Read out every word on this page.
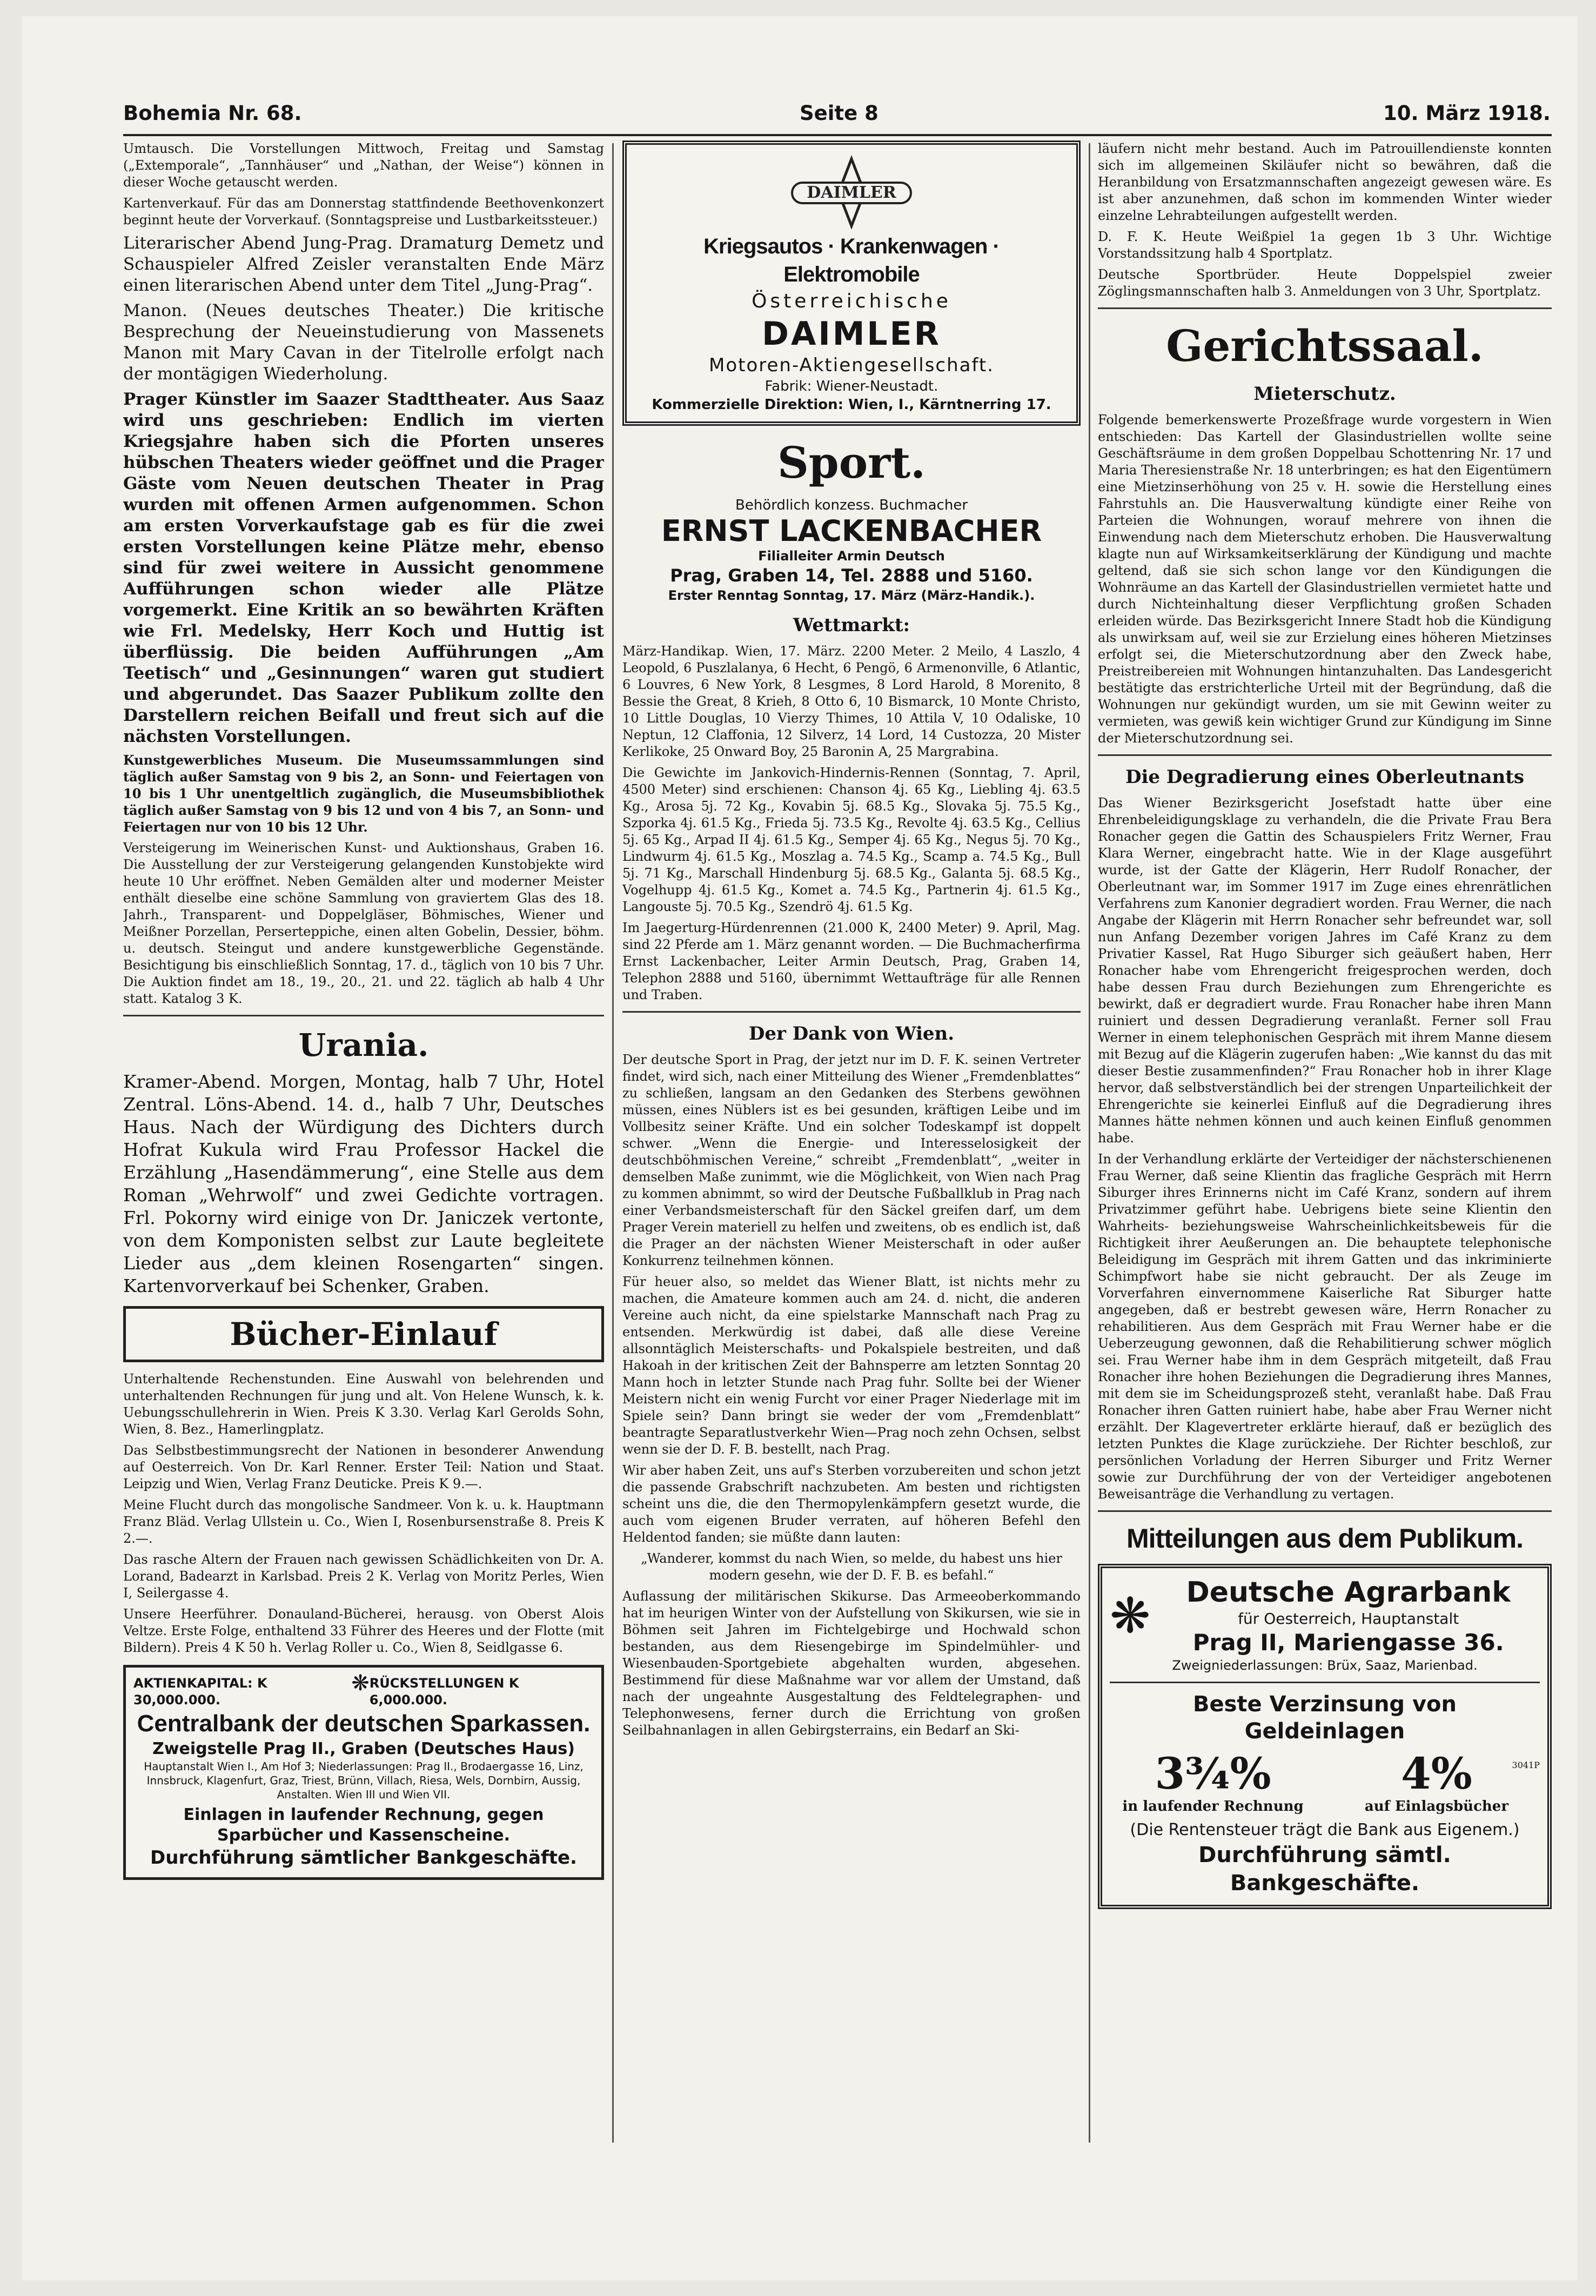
Bohemia Nr. 68.	Seite 8	10. März 1918.

Umtausch. Die Vorstellungen Mittwoch, Freitag und Samstag („Extemporale“, „Tannhäuser“ und „Nathan, der Weise“) können in dieser Woche getauscht werden.

Kartenverkauf. Für das am Donnerstag stattfindende Beethovenkonzert beginnt heute der Vorverkauf. (Sonntagspreise und Lustbarkeitssteuer.)

Literarischer Abend Jung-Prag. Dramaturg Demetz und Schauspieler Alfred Zeisler veranstalten Ende März einen literarischen Abend unter dem Titel „Jung-Prag“.

Manon. (Neues deutsches Theater.) Die kritische Besprechung der Neueinstudierung von Massenets Manon mit Mary Cavan in der Titelrolle erfolgt nach der montägigen Wiederholung.

Prager Künstler im Saazer Stadttheater. Aus Saaz wird uns geschrieben: Endlich im vierten Kriegsjahre haben sich die Pforten unseres hübschen Theaters wieder geöffnet und die Prager Gäste vom Neuen deutschen Theater in Prag wurden mit offenen Armen aufgenommen. Schon am ersten Vorverkaufstage gab es für die zwei ersten Vorstellungen keine Plätze mehr, ebenso sind für zwei weitere in Aussicht genommene Aufführungen schon wieder alle Plätze vorgemerkt. Eine Kritik an so bewährten Kräften wie Frl. Medelsky, Herr Koch und Huttig ist überflüssig. Die beiden Aufführungen „Am Teetisch“ und „Gesinnungen“ waren gut studiert und abgerundet. Das Saazer Publikum zollte den Darstellern reichen Beifall und freut sich auf die nächsten Vorstellungen.

Kunstgewerbliches Museum. Die Museumssammlungen sind täglich außer Samstag von 9 bis 2, an Sonn- und Feiertagen von 10 bis 1 Uhr unentgeltlich zugänglich, die Museumsbibliothek täglich außer Samstag von 9 bis 12 und von 4 bis 7, an Sonn- und Feiertagen nur von 10 bis 12 Uhr.

Versteigerung im Weinerischen Kunst- und Auktionshaus, Graben 16. Die Ausstellung der zur Versteigerung gelangenden Kunstobjekte wird heute 10 Uhr eröffnet. Neben Gemälden alter und moderner Meister enthält dieselbe eine schöne Sammlung von graviertem Glas des 18. Jahrh., Transparent- und Doppelgläser, Böhmisches, Wiener und Meißner Porzellan, Perserteppiche, einen alten Gobelin, Dessier, böhm. u. deutsch. Steingut und andere kunstgewerbliche Gegenstände. Besichtigung bis einschließlich Sonntag, 17. d., täglich von 10 bis 7 Uhr. Die Auktion findet am 18., 19., 20., 21. und 22. täglich ab halb 4 Uhr statt. Katalog 3 K.

Urania.

Kramer-Abend. Morgen, Montag, halb 7 Uhr, Hotel Zentral. Löns-Abend. 14. d., halb 7 Uhr, Deutsches Haus. Nach der Würdigung des Dichters durch Hofrat Kukula wird Frau Professor Hackel die Erzählung „Hasendämmerung“, eine Stelle aus dem Roman „Wehrwolf“ und zwei Gedichte vortragen. Frl. Pokorny wird einige von Dr. Janiczek vertonte, von dem Komponisten selbst zur Laute begleitete Lieder aus „dem kleinen Rosengarten“ singen. Kartenvorverkauf bei Schenker, Graben.

Bücher-Einlauf

Unterhaltende Rechenstunden. Eine Auswahl von belehrenden und unterhaltenden Rechnungen für jung und alt. Von Helene Wunsch, k. k. Uebungsschullehrerin in Wien. Preis K 3.30. Verlag Karl Gerolds Sohn, Wien, 8. Bez., Hamerlingplatz.

Das Selbstbestimmungsrecht der Nationen in besonderer Anwendung auf Oesterreich. Von Dr. Karl Renner. Erster Teil: Nation und Staat. Leipzig und Wien, Verlag Franz Deuticke. Preis K 9.—.

Meine Flucht durch das mongolische Sandmeer. Von k. u. k. Hauptmann Franz Bläd. Verlag Ullstein u. Co., Wien I, Rosenbursenstraße 8. Preis K 2.—.

Das rasche Altern der Frauen nach gewissen Schädlichkeiten von Dr. A. Lorand, Badearzt in Karlsbad. Preis 2 K. Verlag von Moritz Perles, Wien I, Seilergasse 4.

Unsere Heerführer. Donauland-Bücherei, herausg. von Oberst Alois Veltze. Erste Folge, enthaltend 33 Führer des Heeres und der Flotte (mit Bildern). Preis 4 K 50 h. Verlag Roller u. Co., Wien 8, Seidlgasse 6.

AKTIENKAPITAL: K 30,000.000.
❋ RÜCKSTELLUNGEN K 6,000.000.
Centralbank der deutschen Sparkassen.
Zweigstelle Prag II., Graben (Deutsches Haus)
Hauptanstalt Wien I., Am Hof 3; Niederlassungen: Prag II., Brodaergasse 16, Linz, Innsbruck, Klagenfurt, Graz, Triest, Brünn, Villach, Riesa, Wels, Dornbirn, Aussig, Anstalten. Wien III und Wien VII.
Einlagen in laufender Rechnung, gegen Sparbücher und Kassenscheine.
Durchführung sämtlicher Bankgeschäfte.
DAIMLER
Kriegsautos · Krankenwagen · Elektromobile
Österreichische
DAIMLER
Motoren-Aktiengesellschaft.
Fabrik: Wiener-Neustadt.
Kommerzielle Direktion: Wien, I., Kärntnerring 17.
Sport.
Behördlich konzess. Buchmacher
ERNST LACKENBACHER
Filialleiter Armin Deutsch
Prag, Graben 14, Tel. 2888 und 5160.
Erster Renntag Sonntag, 17. März (März-Handik.).
Wettmarkt:

März-Handikap. Wien, 17. März. 2200 Meter. 2 Meilo, 4 Laszlo, 4 Leopold, 6 Puszlalanya, 6 Hecht, 6 Pengö, 6 Armenonville, 6 Atlantic, 6 Louvres, 6 New York, 8 Lesgmes, 8 Lord Harold, 8 Morenito, 8 Bessie the Great, 8 Krieh, 8 Otto 6, 10 Bismarck, 10 Monte Christo, 10 Little Douglas, 10 Vierzy Thimes, 10 Attila V, 10 Odaliske, 10 Neptun, 12 Claffonia, 12 Silverz, 14 Lord, 14 Custozza, 20 Mister Kerlikoke, 25 Onward Boy, 25 Baronin A, 25 Margrabina.

Die Gewichte im Jankovich-Hindernis-Rennen (Sonntag, 7. April, 4500 Meter) sind erschienen: Chanson 4j. 65 Kg., Liebling 4j. 63.5 Kg., Arosa 5j. 72 Kg., Kovabin 5j. 68.5 Kg., Slovaka 5j. 75.5 Kg., Szporka 4j. 61.5 Kg., Frieda 5j. 73.5 Kg., Revolte 4j. 63.5 Kg., Cellius 5j. 65 Kg., Arpad II 4j. 61.5 Kg., Semper 4j. 65 Kg., Negus 5j. 70 Kg., Lindwurm 4j. 61.5 Kg., Moszlag a. 74.5 Kg., Scamp a. 74.5 Kg., Bull 5j. 71 Kg., Marschall Hindenburg 5j. 68.5 Kg., Galanta 5j. 68.5 Kg., Vogelhupp 4j. 61.5 Kg., Komet a. 74.5 Kg., Partnerin 4j. 61.5 Kg., Langouste 5j. 70.5 Kg., Szendrö 4j. 61.5 Kg.

Im Jaegerturg-Hürdenrennen (21.000 K, 2400 Meter) 9. April, Mag. sind 22 Pferde am 1. März genannt worden. — Die Buchmacherfirma Ernst Lackenbacher, Leiter Armin Deutsch, Prag, Graben 14, Telephon 2888 und 5160, übernimmt Wettaufträge für alle Rennen und Traben.

Der Dank von Wien.

Der deutsche Sport in Prag, der jetzt nur im D. F. K. seinen Vertreter findet, wird sich, nach einer Mitteilung des Wiener „Fremdenblattes“ zu schließen, langsam an den Gedanken des Sterbens gewöhnen müssen, eines Nüblers ist es bei gesunden, kräftigen Leibe und im Vollbesitz seiner Kräfte. Und ein solcher Todeskampf ist doppelt schwer. „Wenn die Energie- und Interesselosigkeit der deutschböhmischen Vereine,“ schreibt „Fremdenblatt“, „weiter in demselben Maße zunimmt, wie die Möglichkeit, von Wien nach Prag zu kommen abnimmt, so wird der Deutsche Fußballklub in Prag nach einer Verbandsmeisterschaft für den Säckel greifen darf, um dem Prager Verein materiell zu helfen und zweitens, ob es endlich ist, daß die Prager an der nächsten Wiener Meisterschaft in oder außer Konkurrenz teilnehmen können.

Für heuer also, so meldet das Wiener Blatt, ist nichts mehr zu machen, die Amateure kommen auch am 24. d. nicht, die anderen Vereine auch nicht, da eine spielstarke Mannschaft nach Prag zu entsenden. Merkwürdig ist dabei, daß alle diese Vereine allsonntäglich Meisterschafts- und Pokalspiele bestreiten, und daß Hakoah in der kritischen Zeit der Bahnsperre am letzten Sonntag 20 Mann hoch in letzter Stunde nach Prag fuhr. Sollte bei der Wiener Meistern nicht ein wenig Furcht vor einer Prager Niederlage mit im Spiele sein? Dann bringt sie weder der vom „Fremdenblatt“ beantragte Separatlustverkehr Wien—Prag noch zehn Ochsen, selbst wenn sie der D. F. B. bestellt, nach Prag.

Wir aber haben Zeit, uns auf's Sterben vorzubereiten und schon jetzt die passende Grabschrift nachzubeten. Am besten und richtigsten scheint uns die, die den Thermopylenkämpfern gesetzt wurde, die auch vom eigenen Bruder verraten, auf höheren Befehl den Heldentod fanden; sie müßte dann lauten:

„Wanderer, kommst du nach Wien, so melde, du habest uns hier modern gesehn, wie der D. F. B. es befahl.“

Auflassung der militärischen Skikurse. Das Armeeoberkommando hat im heurigen Winter von der Aufstellung von Skikursen, wie sie in Böhmen seit Jahren im Fichtelgebirge und Hochwald schon bestanden, aus dem Riesengebirge im Spindelmühler- und Wiesenbauden-Sportgebiete abgehalten wurden, abgesehen. Bestimmend für diese Maßnahme war vor allem der Umstand, daß nach der ungeahnte Ausgestaltung des Feldtelegraphen- und Telephonwesens, ferner durch die Errichtung von großen Seilbahnanlagen in allen Gebirgsterrains, ein Bedarf an Ski-

läufern nicht mehr bestand. Auch im Patrouillendienste konnten sich im allgemeinen Skiläufer nicht so bewähren, daß die Heranbildung von Ersatzmannschaften angezeigt gewesen wäre. Es ist aber anzunehmen, daß schon im kommenden Winter wieder einzelne Lehrabteilungen aufgestellt werden.

D. F. K. Heute Weißpiel 1a gegen 1b 3 Uhr. Wichtige Vorstandssitzung halb 4 Sportplatz.

Deutsche Sportbrüder. Heute Doppelspiel zweier Zöglingsmannschaften halb 3. Anmeldungen von 3 Uhr, Sportplatz.

Gerichtssaal.
Mieterschutz.

Folgende bemerkenswerte Prozeßfrage wurde vorgestern in Wien entschieden: Das Kartell der Glasindustriellen wollte seine Geschäftsräume in dem großen Doppelbau Schottenring Nr. 17 und Maria Theresienstraße Nr. 18 unterbringen; es hat den Eigentümern eine Mietzinserhöhung von 25 v. H. sowie die Herstellung eines Fahrstuhls an. Die Hausverwaltung kündigte einer Reihe von Parteien die Wohnungen, worauf mehrere von ihnen die Einwendung nach dem Mieterschutz erhoben. Die Hausverwaltung klagte nun auf Wirksamkeitserklärung der Kündigung und machte geltend, daß sie sich schon lange vor den Kündigungen die Wohnräume an das Kartell der Glasindustriellen vermietet hatte und durch Nichteinhaltung dieser Verpflichtung großen Schaden erleiden würde. Das Bezirksgericht Innere Stadt hob die Kündigung als unwirksam auf, weil sie zur Erzielung eines höheren Mietzinses erfolgt sei, die Mieterschutzordnung aber den Zweck habe, Preistreibereien mit Wohnungen hintanzuhalten. Das Landesgericht bestätigte das erstrichterliche Urteil mit der Begründung, daß die Wohnungen nur gekündigt wurden, um sie mit Gewinn weiter zu vermieten, was gewiß kein wichtiger Grund zur Kündigung im Sinne der Mieterschutzordnung sei.

Die Degradierung eines Oberleutnants

Das Wiener Bezirksgericht Josefstadt hatte über eine Ehrenbeleidigungsklage zu verhandeln, die die Private Frau Bera Ronacher gegen die Gattin des Schauspielers Fritz Werner, Frau Klara Werner, eingebracht hatte. Wie in der Klage ausgeführt wurde, ist der Gatte der Klägerin, Herr Rudolf Ronacher, der Oberleutnant war, im Sommer 1917 im Zuge eines ehrenrätlichen Verfahrens zum Kanonier degradiert worden. Frau Werner, die nach Angabe der Klägerin mit Herrn Ronacher sehr befreundet war, soll nun Anfang Dezember vorigen Jahres im Café Kranz zu dem Privatier Kassel, Rat Hugo Siburger sich geäußert haben, Herr Ronacher habe vom Ehrengericht freigesprochen werden, doch habe dessen Frau durch Beziehungen zum Ehrengerichte es bewirkt, daß er degradiert wurde. Frau Ronacher habe ihren Mann ruiniert und dessen Degradierung veranlaßt. Ferner soll Frau Werner in einem telephonischen Gespräch mit ihrem Manne diesem mit Bezug auf die Klägerin zugerufen haben: „Wie kannst du das mit dieser Bestie zusammenfinden?“ Frau Ronacher hob in ihrer Klage hervor, daß selbstverständlich bei der strengen Unparteilichkeit der Ehrengerichte sie keinerlei Einfluß auf die Degradierung ihres Mannes hätte nehmen können und auch keinen Einfluß genommen habe.

In der Verhandlung erklärte der Verteidiger der nächsterschienenen Frau Werner, daß seine Klientin das fragliche Gespräch mit Herrn Siburger ihres Erinnerns nicht im Café Kranz, sondern auf ihrem Privatzimmer geführt habe. Uebrigens biete seine Klientin den Wahrheits- beziehungsweise Wahrscheinlichkeitsbeweis für die Richtigkeit ihrer Aeußerungen an. Die behauptete telephonische Beleidigung im Gespräch mit ihrem Gatten und das inkriminierte Schimpfwort habe sie nicht gebraucht. Der als Zeuge im Vorverfahren einvernommene Kaiserliche Rat Siburger hatte angegeben, daß er bestrebt gewesen wäre, Herrn Ronacher zu rehabilitieren. Aus dem Gespräch mit Frau Werner habe er die Ueberzeugung gewonnen, daß die Rehabilitierung schwer möglich sei. Frau Werner habe ihm in dem Gespräch mitgeteilt, daß Frau Ronacher ihre hohen Beziehungen die Degradierung ihres Mannes, mit dem sie im Scheidungsprozeß steht, veranlaßt habe. Daß Frau Ronacher ihren Gatten ruiniert habe, habe aber Frau Werner nicht erzählt. Der Klagevertreter erklärte hierauf, daß er bezüglich des letzten Punktes die Klage zurückziehe. Der Richter beschloß, zur persönlichen Vorladung der Herren Siburger und Fritz Werner sowie zur Durchführung der von der Verteidiger angebotenen Beweisanträge die Verhandlung zu vertagen.

Mitteilungen aus dem Publikum.
❋	Deutsche Agrarbank
für Oesterreich, Hauptanstalt
Prag II, Mariengasse 36.
Zweigniederlassungen: Brüx, Saaz, Marienbad.
Beste Verzinsung von Geldeinlagen
3¾%
in laufender Rechnung
4%
auf Einlagsbücher
3041P
(Die Rentensteuer trägt die Bank aus Eigenem.)
Durchführung sämtl. Bankgeschäfte.
